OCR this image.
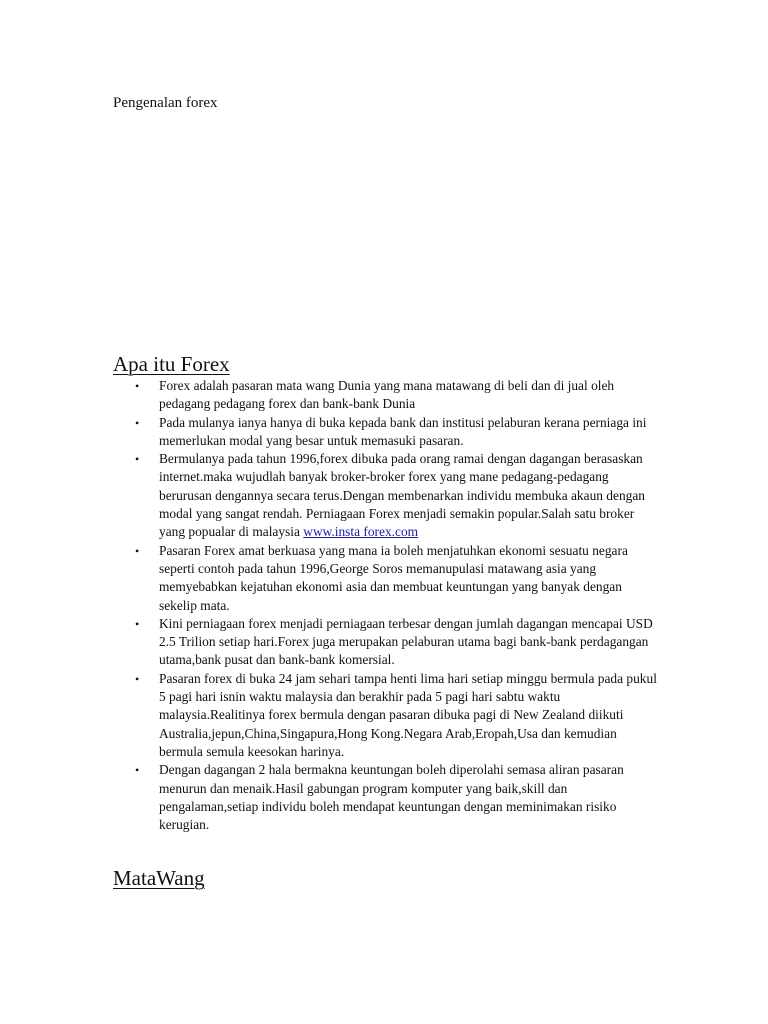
Pengenalan forex

Apa itu Forex
• Forex adalah pasaran mata wang Dunia yang mana matawang di beli dan di jual oleh pedagang pedagang forex dan bank-bank Dunia
• Pada mulanya ianya hanya di buka kepada bank dan institusi pelaburan kerana perniaga ini memerlukan modal yang besar untuk memasuki pasaran.
• Bermulanya pada tahun 1996,forex dibuka pada orang ramai dengan dagangan berasaskan internet.maka wujudlah banyak broker-broker forex yang mane pedagang-pedagang berurusan dengannya secara terus.Dengan membenarkan individu membuka akaun dengan modal yang sangat rendah. Perniagaan Forex menjadi semakin popular.Salah satu broker yang popualar di malaysia www.insta forex.com
• Pasaran Forex amat berkuasa yang mana ia boleh menjatuhkan ekonomi sesuatu negara seperti contoh pada tahun 1996,George Soros memanupulasi matawang asia yang memyebabkan kejatuhan ekonomi asia dan membuat keuntungan yang banyak dengan sekelip mata.
• Kini perniagaan forex menjadi perniagaan terbesar dengan jumlah dagangan mencapai USD 2.5 Trilion setiap hari.Forex juga merupakan pelaburan utama bagi bank-bank perdagangan utama,bank pusat dan bank-bank komersial.
• Pasaran forex di buka 24 jam sehari tampa henti lima hari setiap minggu bermula pada pukul 5 pagi hari isnin waktu malaysia dan berakhir pada 5 pagi hari sabtu waktu malaysia.Realitinya forex bermula dengan pasaran dibuka pagi di New Zealand diikuti Australia,jepun,China,Singapura,Hong Kong.Negara Arab,Eropah,Usa dan kemudian bermula semula keesokan harinya.
• Dengan dagangan 2 hala bermakna keuntungan boleh diperolahi semasa aliran pasaran menurun dan menaik.Hasil gabungan program komputer yang baik,skill dan pengalaman,setiap individu boleh mendapat keuntungan dengan meminimakan risiko kerugian.
MataWang
